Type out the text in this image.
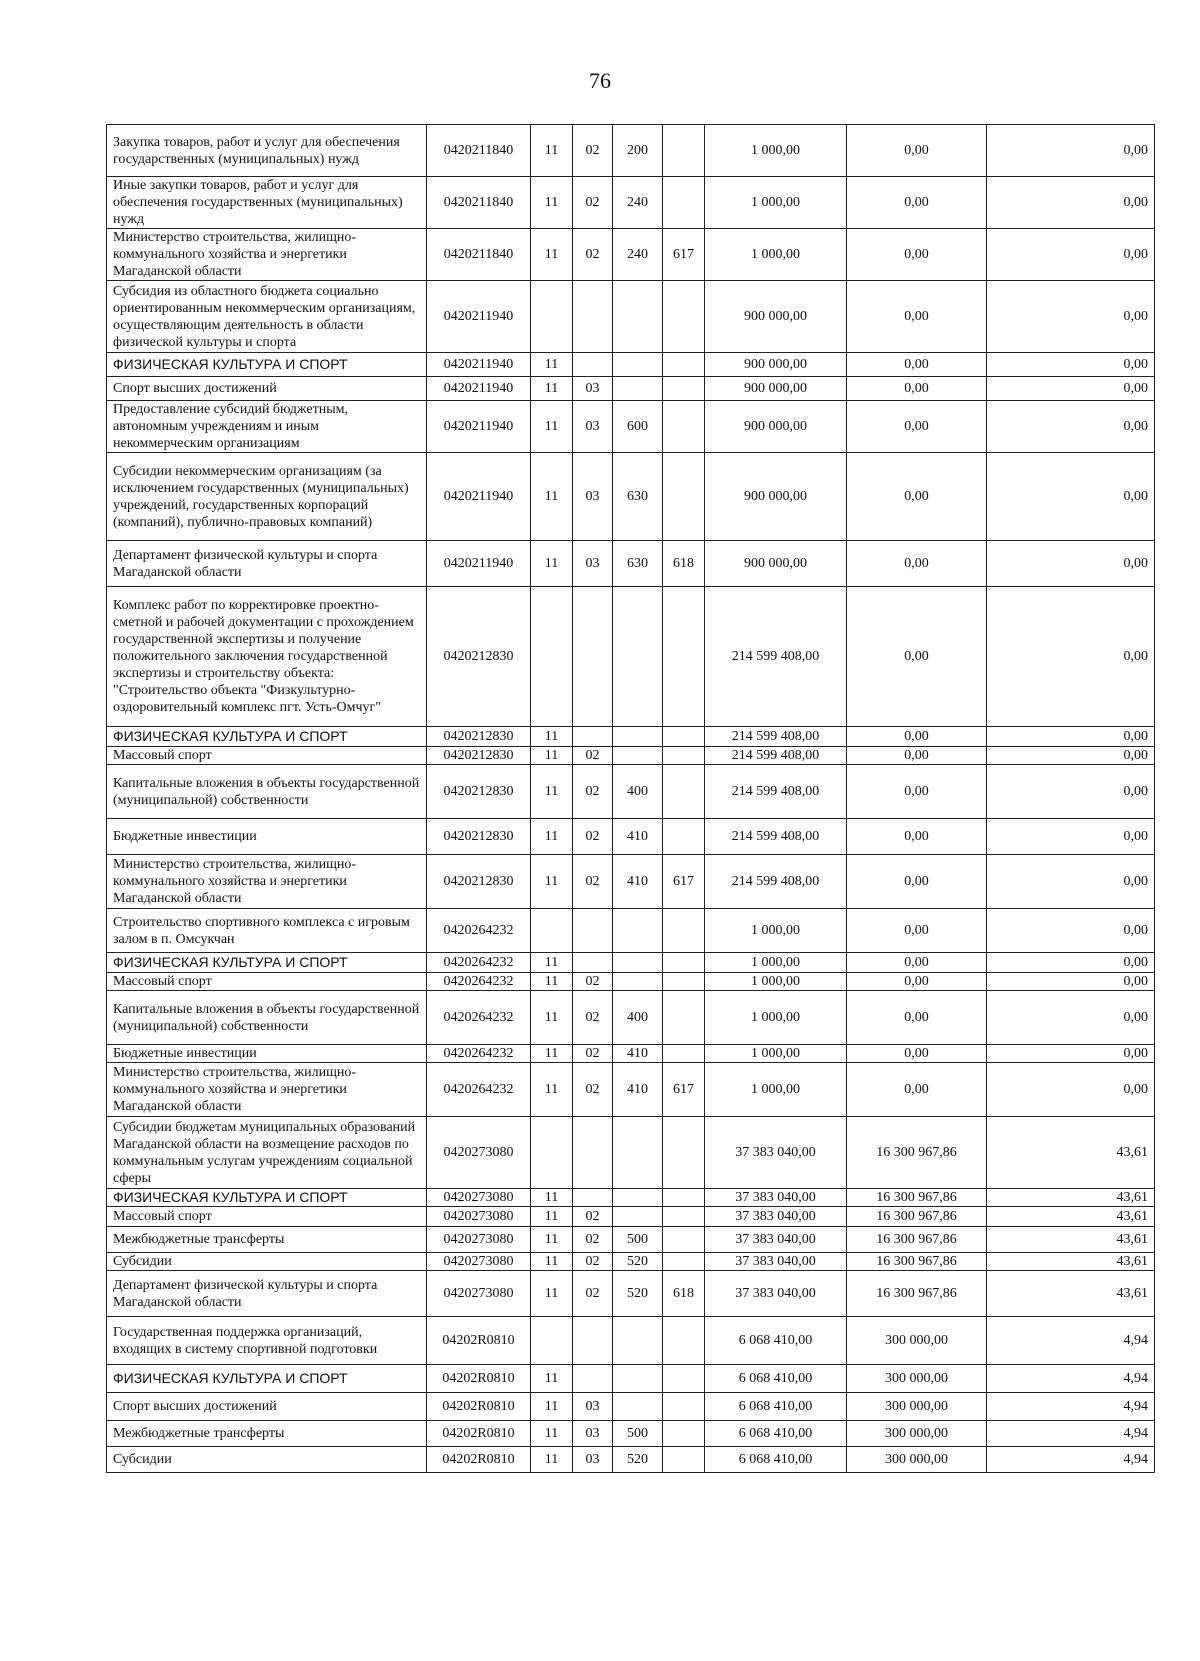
76
Закупка товаров, работ и услуг для обеспечения государственных (муниципальных) нужд	0420211840	11	02	200		1 000,00	0,00	0,00
Иные закупки товаров, работ и услуг для обеспечения государственных (муниципальных) нужд	0420211840	11	02	240		1 000,00	0,00	0,00
Министерство строительства, жилищно-коммунального хозяйства и энергетики Магаданской области	0420211840	11	02	240	617	1 000,00	0,00	0,00
Субсидия из областного бюджета социально ориентированным некоммерческим организациям, осуществляющим деятельность в области физической культуры и спорта	0420211940					900 000,00	0,00	0,00
ФИЗИЧЕСКАЯ КУЛЬТУРА И СПОРТ	0420211940	11				900 000,00	0,00	0,00
Спорт высших достижений	0420211940	11	03			900 000,00	0,00	0,00
Предоставление субсидий бюджетным, автономным учреждениям и иным некоммерческим организациям	0420211940	11	03	600		900 000,00	0,00	0,00
Субсидии некоммерческим организациям (за исключением государственных (муниципальных) учреждений, государственных корпораций (компаний), публично-правовых компаний)	0420211940	11	03	630		900 000,00	0,00	0,00
Департамент физической культуры и спорта Магаданской области	0420211940	11	03	630	618	900 000,00	0,00	0,00
Комплекс работ по корректировке проектно-сметной и рабочей документации с прохождением государственной экспертизы и получение положительного заключения государственной экспертизы и строительству объекта: "Строительство объекта "Физкультурно-оздоровительный комплекс пгт. Усть-Омчуг"	0420212830					214 599 408,00	0,00	0,00
ФИЗИЧЕСКАЯ КУЛЬТУРА И СПОРТ	0420212830	11				214 599 408,00	0,00	0,00
Массовый спорт	0420212830	11	02			214 599 408,00	0,00	0,00
Капитальные вложения в объекты государственной (муниципальной) собственности	0420212830	11	02	400		214 599 408,00	0,00	0,00
Бюджетные инвестиции	0420212830	11	02	410		214 599 408,00	0,00	0,00
Министерство строительства, жилищно-коммунального хозяйства и энергетики Магаданской области	0420212830	11	02	410	617	214 599 408,00	0,00	0,00
Строительство спортивного комплекса с игровым залом в п. Омсукчан	0420264232					1 000,00	0,00	0,00
ФИЗИЧЕСКАЯ КУЛЬТУРА И СПОРТ	0420264232	11				1 000,00	0,00	0,00
Массовый спорт	0420264232	11	02			1 000,00	0,00	0,00
Капитальные вложения в объекты государственной (муниципальной) собственности	0420264232	11	02	400		1 000,00	0,00	0,00
Бюджетные инвестиции	0420264232	11	02	410		1 000,00	0,00	0,00
Министерство строительства, жилищно-коммунального хозяйства и энергетики Магаданской области	0420264232	11	02	410	617	1 000,00	0,00	0,00
Субсидии бюджетам муниципальных образований Магаданской области на возмещение расходов по коммунальным услугам учреждениям социальной сферы	0420273080					37 383 040,00	16 300 967,86	43,61
ФИЗИЧЕСКАЯ КУЛЬТУРА И СПОРТ	0420273080	11				37 383 040,00	16 300 967,86	43,61
Массовый спорт	0420273080	11	02			37 383 040,00	16 300 967,86	43,61
Межбюджетные трансферты	0420273080	11	02	500		37 383 040,00	16 300 967,86	43,61
Субсидии	0420273080	11	02	520		37 383 040,00	16 300 967,86	43,61
Департамент физической культуры и спорта Магаданской области	0420273080	11	02	520	618	37 383 040,00	16 300 967,86	43,61
Государственная поддержка организаций, входящих в систему спортивной подготовки	04202R0810					6 068 410,00	300 000,00	4,94
ФИЗИЧЕСКАЯ КУЛЬТУРА И СПОРТ	04202R0810	11				6 068 410,00	300 000,00	4,94
Спорт высших достижений	04202R0810	11	03			6 068 410,00	300 000,00	4,94
Межбюджетные трансферты	04202R0810	11	03	500		6 068 410,00	300 000,00	4,94
Субсидии	04202R0810	11	03	520		6 068 410,00	300 000,00	4,94
